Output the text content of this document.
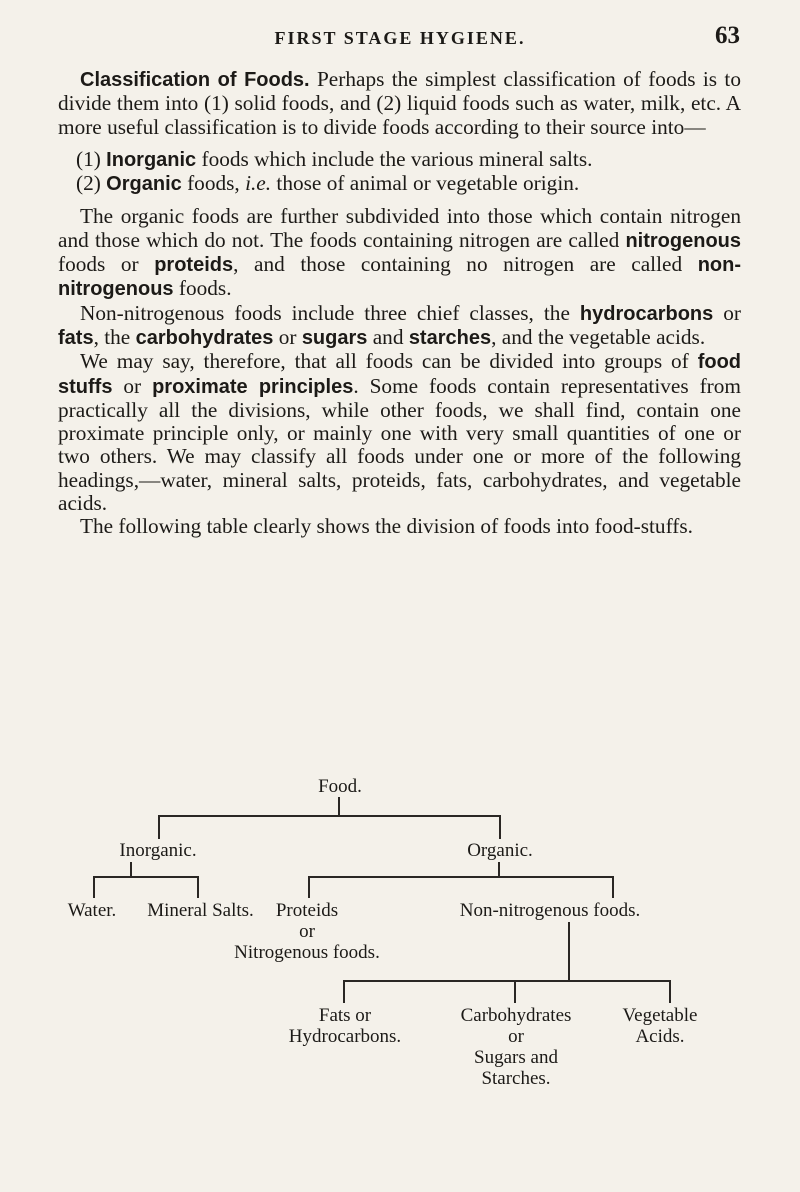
FIRST STAGE HYGIENE.	63

Classification of Foods. Perhaps the simplest classification of foods is to divide them into (1) solid foods, and (2) liquid foods such as water, milk, etc. A more useful classification is to divide foods according to their source into—

(1) Inorganic foods which include the various mineral salts.

(2) Organic foods, i.e. those of animal or vegetable origin.

The organic foods are further subdivided into those which contain nitrogen and those which do not. The foods containing nitrogen are called nitrogenous foods or proteids, and those containing no nitrogen are called non-nitrogenous foods.

Non-nitrogenous foods include three chief classes, the hydrocarbons or fats, the carbohydrates or sugars and starches, and the vegetable acids.

We may say, therefore, that all foods can be divided into groups of food stuffs or proximate principles. Some foods contain representatives from practically all the divisions, while other foods, we shall find, contain one proximate principle only, or mainly one with very small quantities of one or two others. We may classify all foods under one or more of the following headings,—water, mineral salts, proteids, fats, carbohydrates, and vegetable acids.

The following table clearly shows the division of foods into food-stuffs.

Food.
Inorganic.	Organic.
Water.	Mineral Salts.	Proteids
or
Nitrogenous foods.
Non-nitrogenous foods.
Fats or
Hydrocarbons.
Carbohydrates
or
Sugars and
Starches.
Vegetable
Acids.
